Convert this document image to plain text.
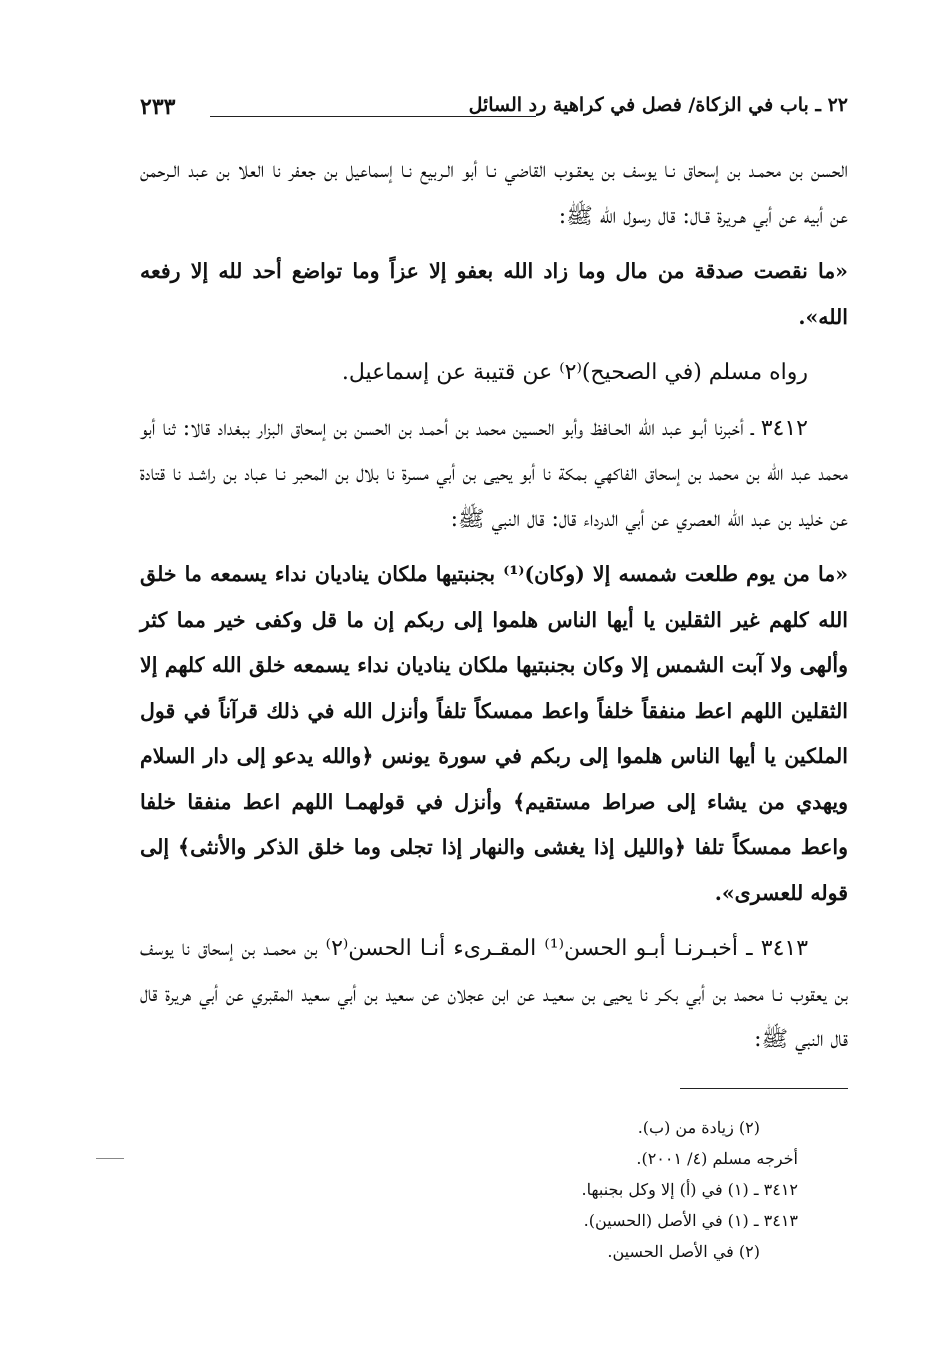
٢٢ ـ باب في الزكاة/ فصل في كراهية رد السائل
٢٣٣

الحسن بن محمـد بن إسحاق نـا يوسف بن يعقـوب القاضي نـا أبو الـربيع نـا إسماعيل بن جعفر نا العلا بن عبد الـرحمن عن أبيه عن أبي هـريرة قـال: قال رسول الله ﷺ:

«ما نقصت صدقة من مال وما زاد الله بعفو إلا عزاً وما تواضع أحد لله إلا رفعه الله».

رواه مسلم (في الصحيح)⁽٢⁾ عن قتيبة عن إسماعيل.

٣٤١٢ ـ أخبرنا أبـو عبد الله الحـافظ وأبو الحسين محمد بن أحمـد بن الحسن بن إسحاق البزار ببغداد قالا: ثنا أبو محمد عبد الله بن محمد بن إسحاق الفاكهي بمكة نا أبو يحيى بن أبي مسرة نا بلال بن المحبر نـا عباد بن راشـد نا قتادة عن خليد بن عبد الله العصري عن أبي الدرداء قال: قال النبي ﷺ:

«ما من يوم طلعت شمسه إلا (وكان)⁽¹⁾ بجنبتيها ملكان يناديان نداء يسمعه ما خلق الله كلهم غير الثقلين يا أيها الناس هلموا إلى ربكم إن ما قل وكفى خير مما كثر وألهى ولا آبت الشمس إلا وكان بجنبتيها ملكان يناديان نداء يسمعه خلق الله كلهم إلا الثقلين اللهم اعط منفقاً خلفاً واعط ممسكاً تلفاً وأنزل الله في ذلك قرآناً في قول الملكين يا أيها الناس هلموا إلى ربكم في سورة يونس ﴿والله يدعو إلى دار السلام ويهدي من يشاء إلى صراط مستقيم﴾ وأنزل في قولهمـا اللهم اعط منفقا خلفا واعط ممسكاً تلفا ﴿والليل إذا يغشى والنهار إذا تجلى وما خلق الذكر والأنثى﴾ إلى قوله للعسرى».

٣٤١٣ ـ أخبـرنـا أبـو الحسن⁽¹⁾ المقـرىء أنـا الحسن⁽٢⁾ بن محمـد بن إسحاق نا يوسف بن يعقوب نـا محمد بن أبي بكـر نا يحيى بن سعيـد عن ابن عجلان عن سعيد بن أبي سعيد المقبري عن أبي هريرة قال قال النبي ﷺ:

(٢) زيادة من (ب).
أخرجه مسلم (٤/ ٢٠٠١).
٣٤١٢ ـ (١) في (أ) إلا وكل بجنبها.
٣٤١٣ ـ (١) في الأصل (الحسين).
(٢) في الأصل الحسين.
